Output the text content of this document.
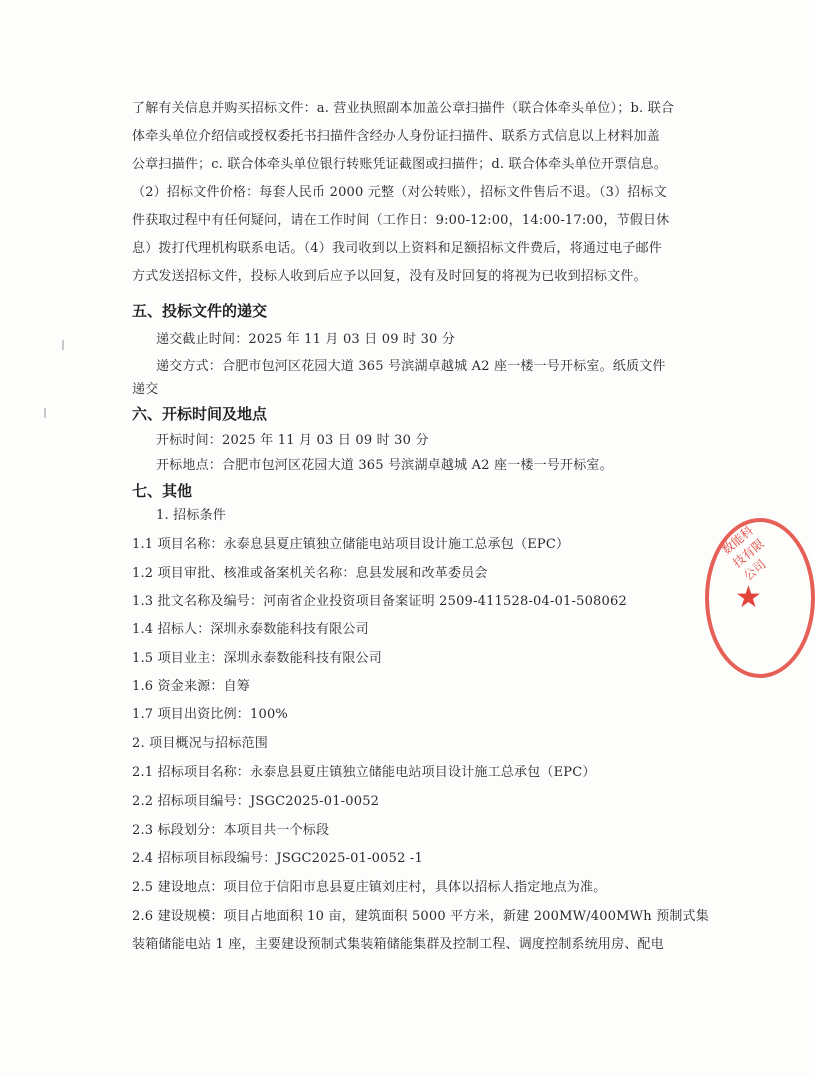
了解有关信息并购买招标文件：a. 营业执照副本加盖公章扫描件（联合体牵头单位）；b. 联合
体牵头单位介绍信或授权委托书扫描件含经办人身份证扫描件、联系方式信息以上材料加盖
公章扫描件；c. 联合体牵头单位银行转账凭证截图或扫描件；d. 联合体牵头单位开票信息。
（2）招标文件价格：每套人民币 2000 元整（对公转账），招标文件售后不退。（3）招标文
件获取过程中有任何疑问，请在工作时间（工作日：9:00-12:00，14:00-17:00，节假日休
息）拨打代理机构联系电话。（4）我司收到以上资料和足额招标文件费后，将通过电子邮件
方式发送招标文件，投标人收到后应予以回复，没有及时回复的将视为已收到招标文件。
五、投标文件的递交
递交截止时间：2025 年 11 月 03 日 09 时 30 分
递交方式：合肥市包河区花园大道 365 号滨湖卓越城 A2 座一楼一号开标室。纸质文件
递交
六、开标时间及地点
开标时间：2025 年 11 月 03 日 09 时 30 分
开标地点：合肥市包河区花园大道 365 号滨湖卓越城 A2 座一楼一号开标室。
七、其他
1. 招标条件
1.1 项目名称：永泰息县夏庄镇独立储能电站项目设计施工总承包（EPC）
1.2 项目审批、核准或备案机关名称：息县发展和改革委员会
1.3 批文名称及编号：河南省企业投资项目备案证明 2509-411528-04-01-508062
1.4 招标人：深圳永泰数能科技有限公司
1.5 项目业主：深圳永泰数能科技有限公司
1.6 资金来源：自筹
1.7 项目出资比例：100%
2. 项目概况与招标范围
2.1 招标项目名称：永泰息县夏庄镇独立储能电站项目设计施工总承包（EPC）
2.2 招标项目编号：JSGC2025-01-0052
2.3 标段划分：本项目共一个标段
2.4 招标项目标段编号：JSGC2025-01-0052 -1
2.5 建设地点：项目位于信阳市息县夏庄镇刘庄村，具体以招标人指定地点为准。
2.6 建设规模：项目占地面积 10 亩，建筑面积 5000 平方米，新建 200MW/400MWh 预制式集
装箱储能电站 1 座，主要建设预制式集装箱储能集群及控制工程、调度控制系统用房、配电
★
数能科技有限公司
